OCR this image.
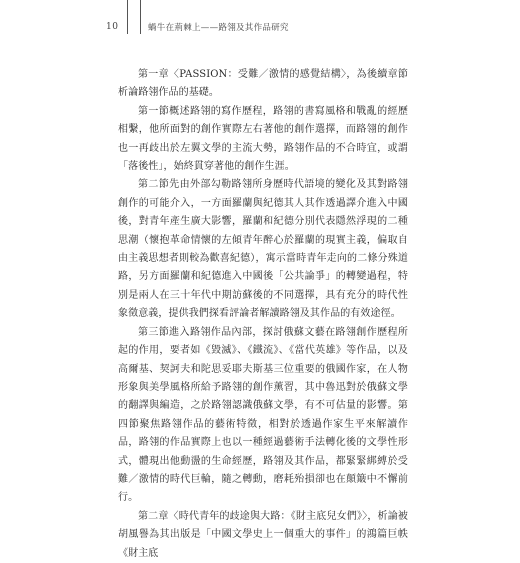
10	蝸牛在荊棘上——路翎及其作品研究

第一章〈PASSION：受難／激情的感覺結構〉，為後續章節析論路翎作品的基礎。

第一節概述路翎的寫作歷程，路翎的書寫風格和戰亂的經歷相繫，他所面對的創作實際左右著他的創作選擇，而路翎的創作也一再歧出於左翼文學的主流大勢，路翎作品的不合時宜，或謂「落後性」，始終貫穿著他的創作生涯。

第二節先由外部勾勒路翎所身歷時代語境的變化及其對路翎創作的可能介入，一方面羅蘭與紀德其人其作透過譯介進入中國後，對青年產生廣大影響，羅蘭和紀德分別代表隱然浮現的二種思潮（懷抱革命情懷的左傾青年醉心於羅蘭的現實主義，偏取自由主義思想者則較為歡喜紀德），寓示當時青年走向的二條分殊道路，另方面羅蘭和紀德進入中國後「公共論爭」的轉變過程，特別是兩人在三十年代中期訪蘇後的不同選擇，具有充分的時代性象徵意義，提供我們探看評論者解讀路翎及其作品的有效途徑。

第三節進入路翎作品內部，探討俄蘇文藝在路翎創作歷程所起的作用，要者如《毀滅》、《鐵流》、《當代英雄》等作品，以及高爾基、契訶夫和陀思妥耶夫斯基三位重要的俄國作家，在人物形象與美學風格所給予路翎的創作薰習，其中魯迅對於俄蘇文學的翻譯與編造，之於路翎認識俄蘇文學，有不可估量的影響。第四節聚焦路翎作品的藝術特徵，相對於透過作家生平來解讀作品，路翎的作品實際上也以一種經過藝術手法轉化後的文學性形式，體現出他動盪的生命經歷，路翎及其作品，都緊緊綁縛於受難／激情的時代巨輪，隨之轉動，磨耗殆損卻也在顛簸中不懈前行。

第二章〈時代青年的歧途與大路：《財主底兒女們》〉，析論被胡風譽為其出版是「中國文學史上一個重大的事件」的鴻篇巨帙《財主底
